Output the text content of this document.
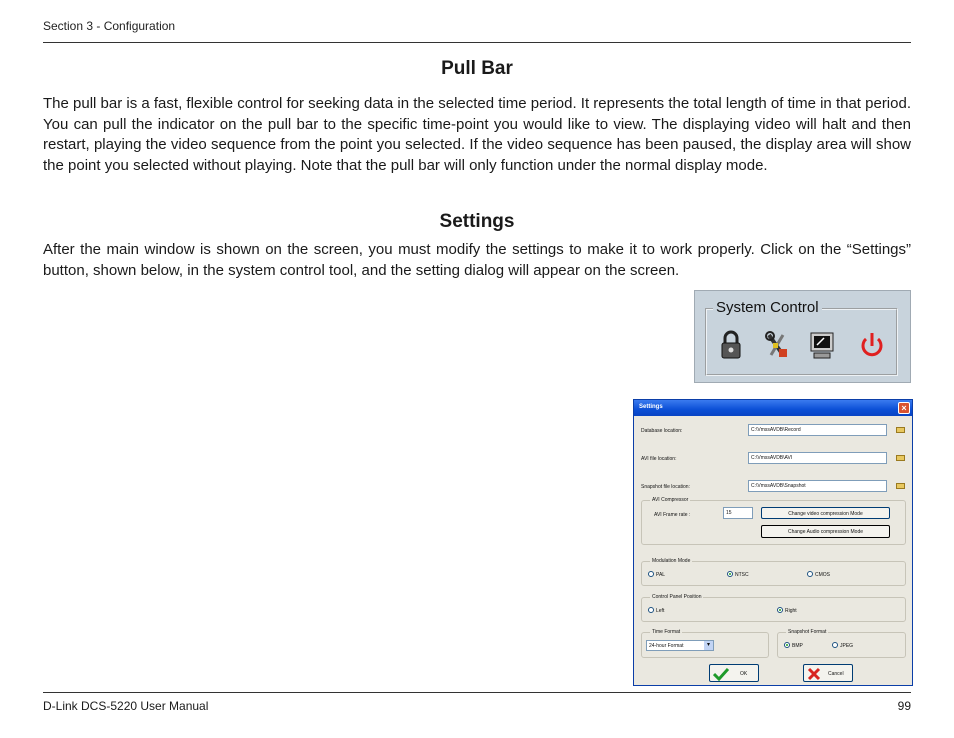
Section 3 - Configuration
Pull Bar
The pull bar is a fast, flexible control for seeking data in the selected time period. It represents the total length of time in that period. You can pull the indicator on the pull bar to the specific time-point you would like to view. The displaying video will halt and then restart, playing the video sequence from the point you selected. If the video sequence has been paused, the display area will show the point you selected without playing. Note that the pull bar will only function under the normal display mode.
Settings
After the main window is shown on the screen, you must modify the settings to make it to work properly. Click on the “Settings” button, shown below, in the system control tool, and the setting dialog will appear on the screen.
System Control
Settings	×
Database location:	C:\VmssAVDB\Record
AVI file location:	C:\VmssAVDB\AVI
Snapshot file location:	C:\VmssAVDB\Snapshot
AVI Compressor
AVI Frame rate :	15	Change video compression Mode
Change Audio compression Mode
Modulation Mode
PAL	NTSC	CMOS
Control Panel Position
Left	Right
Time Format
24-hour Format	▾
Snapshot Format
BMP	JPEG
OK	Cancel
D-Link DCS-5220 User Manual	99
